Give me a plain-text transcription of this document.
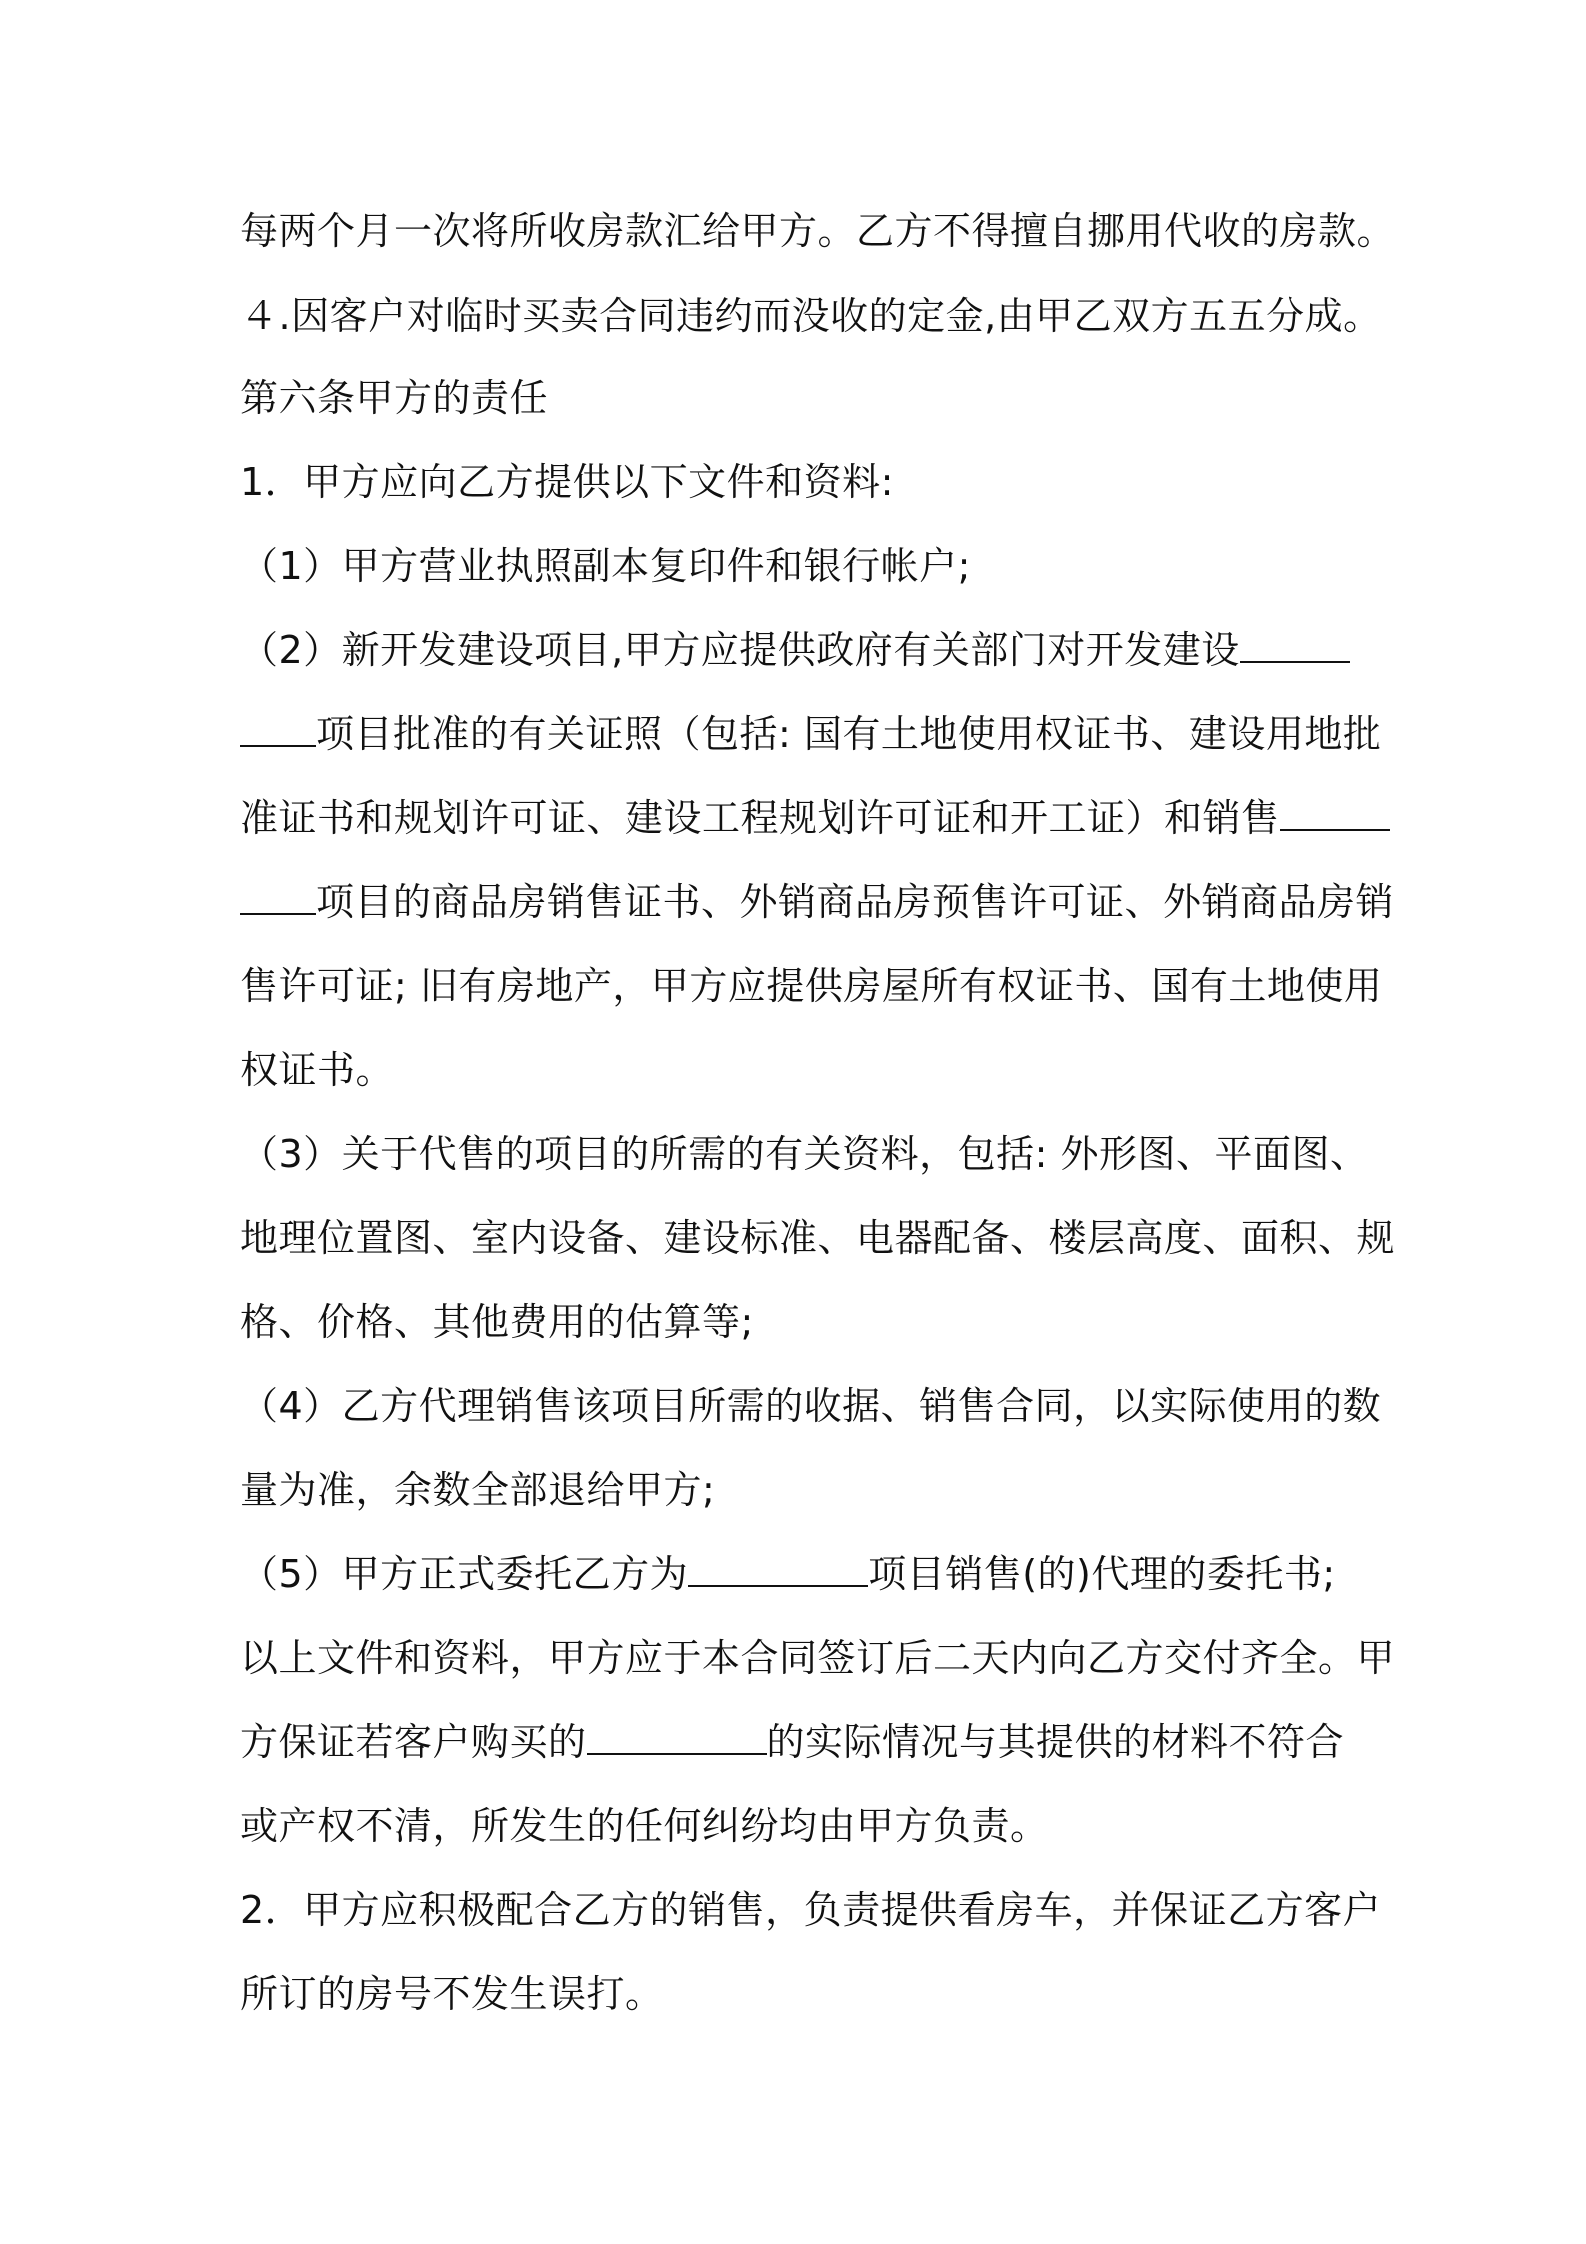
每两个月一次将所收房款汇给甲方。乙方不得擅自挪用代收的房款。
４.因客户对临时买卖合同违约而没收的定金,由甲乙双方五五分成。
第六条甲方的责任
1．甲方应向乙方提供以下文件和资料:
（1）甲方营业执照副本复印件和银行帐户;
（2）新开发建设项目,甲方应提供政府有关部门对开发建设
项目批准的有关证照（包括: 国有土地使用权证书、建设用地批
准证书和规划许可证、建设工程规划许可证和开工证）和销售
项目的商品房销售证书、外销商品房预售许可证、外销商品房销
售许可证; 旧有房地产，甲方应提供房屋所有权证书、国有土地使用
权证书。
（3）关于代售的项目的所需的有关资料，包括: 外形图、平面图、
地理位置图、室内设备、建设标准、电器配备、楼层高度、面积、规
格、价格、其他费用的估算等;
（4）乙方代理销售该项目所需的收据、销售合同，以实际使用的数
量为准，余数全部退给甲方;
（5）甲方正式委托乙方为	项目销售(的)代理的委托书;
以上文件和资料，甲方应于本合同签订后二天内向乙方交付齐全。甲
方保证若客户购买的	的实际情况与其提供的材料不符合
或产权不清，所发生的任何纠纷均由甲方负责。
2．甲方应积极配合乙方的销售，负责提供看房车，并保证乙方客户
所订的房号不发生误打。
